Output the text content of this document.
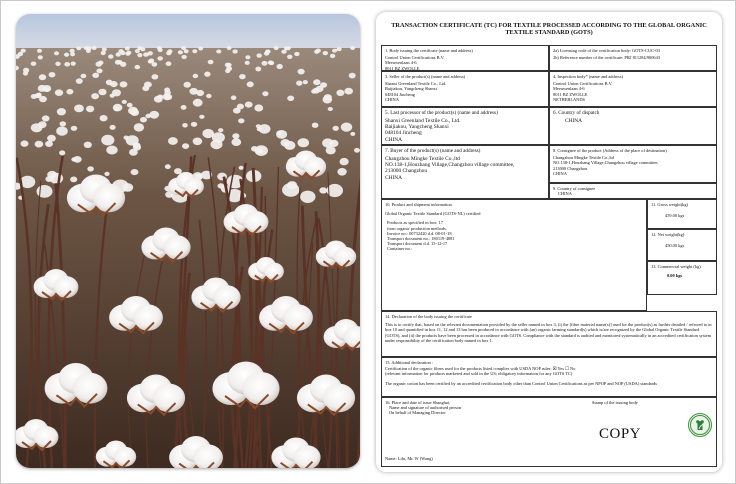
TRANSACTION CERTIFICATE (TC) FOR TEXTILE PROCESSED ACCORDING TO THE GLOBAL ORGANIC TEXTILE STANDARD (GOTS)
1. Body issuing the certificate (name and address)
Control Union Certifications B.V.
Meeuwenlaan 4-6
8011 BZ ZWOLLE

2a) Licensing code of the certification body: GOTS-CUC-03
2b) Reference number of the certificate: PRJ 811284/900643
3. Seller of the product(s) (name and address)
Shanxi Greenland Textile Co., Ltd.
Baijiakou, Yangcheng Shanxi
048104 Jincheng
CHINA
4. Inspection body* (name and address)
Control Union Certifications B.V.
Meeuwenlaan 4-6
8011 BZ ZWOLLE
NETHERLANDS
5. Last processor of the product(s) (name and address)
Shanxi Greenland Textile Co., Ltd.
Baijiakou, Yangcheng Shanxi
048104 Jincheng
CHINA
6. Country of dispatch
CHINA
7. Buyer of the product(s) (name and address)
Changzhou Mingke Textile Co.,ltd
NO.138-1,Houzhang Village,Changzhou village committee,
213000 Changzhou
CHINA
8. Consignee of the product (Address of the place of destination)
Changzhou Mingke Textile Co.,ltd
NO.138-1,Houzhang Village,Changzhou village committee,
213000 Changzhou
CHINA
9. Country of consignee
CHINA
10. Product and shipment information
Global Organic Textile Standard (GOTS-NL) certified
Products as specified in box: 17
from organic production methods.
Invoice no.: 00732420 d.d. 08-01-18
Transport document no.: 180119-4881
Transport document d.d. 15-12-17
Container no.:
11. Gross weight(kg)
459.00 kgs
12. Net weight(kg)
450.00 kgs
13. Commercial weight (kg)
0.00 kgs
14. Declaration of the body issuing the certificate
This is to certify that, based on the relevant documentation provided by the seller named in box 3, (i) the [fibre material name(s)] used for the product(s) as further detailed / referred to in box 10 and quantified in box 11, 12 and 13 has been produced in accordance with (an) organic farming standard(s) which is/are recognized by the Global Organic Textile Standard (GOTS), and (ii) the products have been processed in accordance with GOTS. Compliance with the standard is audited and monitored systematically in an accredited certification system under responsibility of the certification body named in box 1.
15. Additional declaration :
Certification of the organic fibres used for the products listed complies with USDA NOP rules: ☒ Yes ☐ No
(relevant information for products marketed and sold in the US; obligatory information for any GOTS TC)
The organic cotton has been certified by an accredited certification body other than Control Union Certifications as per NPOP and NOP (USDA) standards
16. Place and date of issue Shanghai,
Name and signature of authorised person
On behalf of Managing Director
Name: Lilu, Mr. W (Wang)
Stamp of the issuing body
COPY
